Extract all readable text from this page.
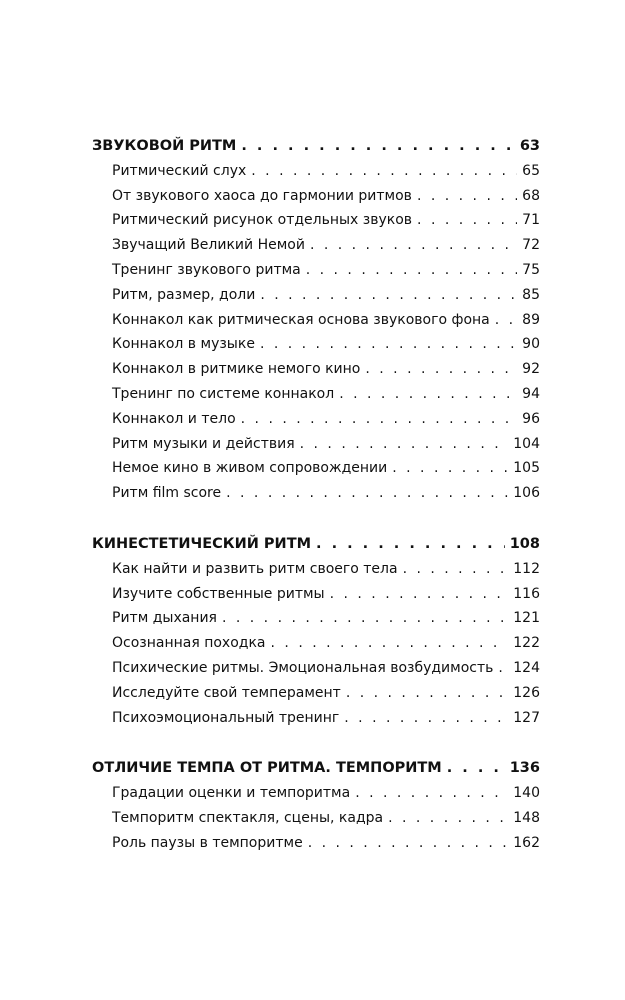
ЗВУКОВОЙ РИТМ . . .	63
Ритмический слух . . .	65
От звукового хаоса до гармонии ритмов . . .	68
Ритмический рисунок отдельных звуков . . .	71
Звучащий Великий Немой . . .	72
Тренинг звукового ритма . . .	75
Ритм, размер, доли . . .	85
Коннакол как ритмическая основа звукового фона . . . 89
Коннакол в музыке . . .	90
Коннакол в ритмике немого кино . . .	92
Тренинг по системе коннакол . . .	94
Коннакол и тело . . .	96
Ритм музыки и действия . . .	104
Немое кино в живом сопровождении . . .	105
Ритм film score . . .	106
КИНЕСТЕТИЧЕСКИЙ РИТМ . . .	108
Как найти и развить ритм своего тела . . .	112
Изучите собственные ритмы . . .	116
Ритм дыхания . . .	121
Осознанная походка . . .	122
Психические ритмы. Эмоциональная возбудимость . . . 124
Исследуйте свой темперамент . . .	126
Психоэмоциональный тренинг . . .	127
ОТЛИЧИЕ ТЕМПА ОТ РИТМА. ТЕМПОРИТМ . . .	136
Градации оценки и темпоритма . . .	140
Темпоритм спектакля, сцены, кадра . . .	148
Роль паузы в темпоритме . . .	162
